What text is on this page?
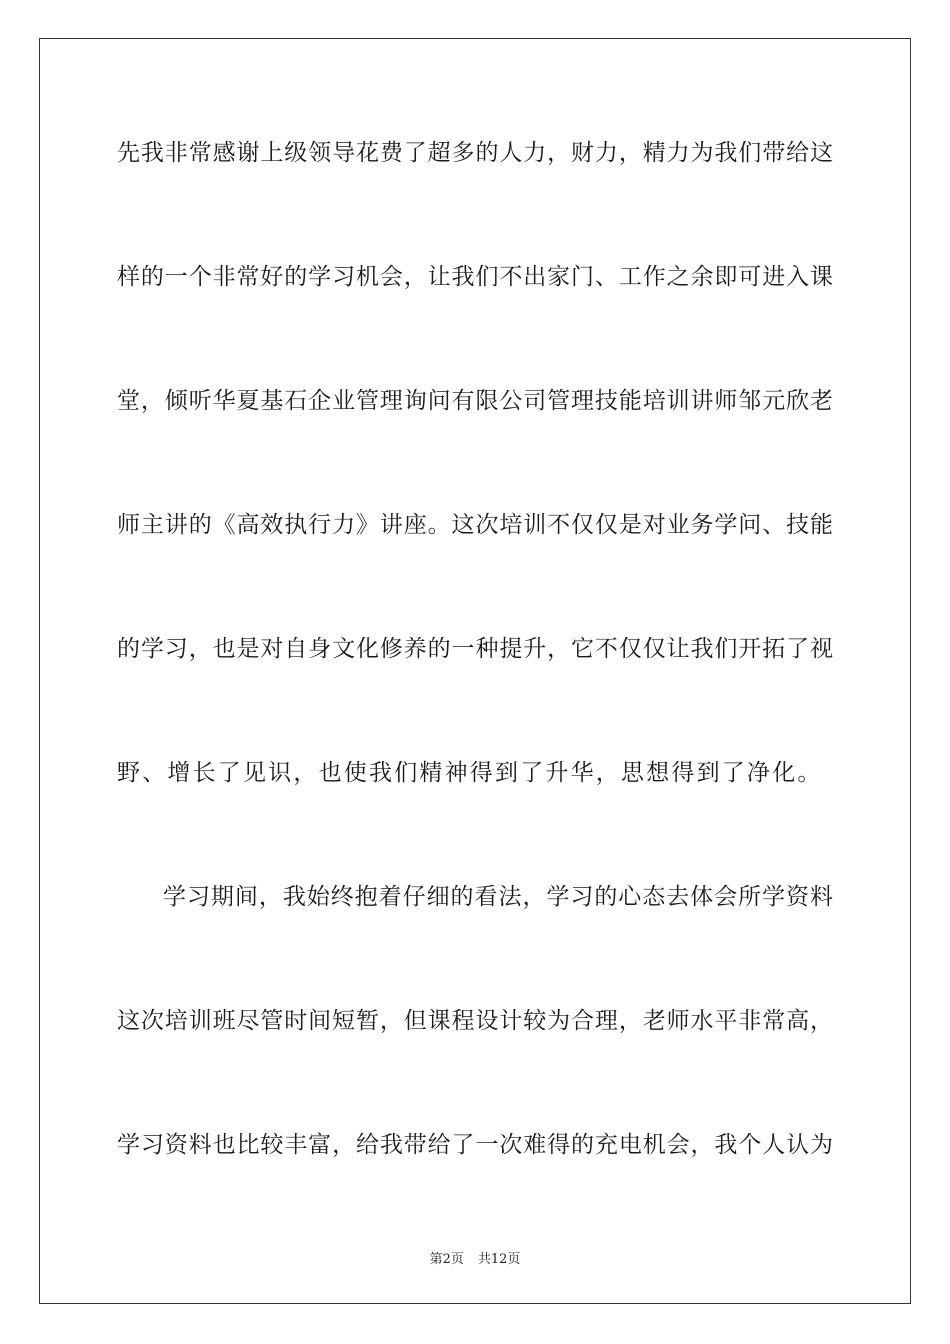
先我非常感谢上级领导花费了超多的人力，财力，精力为我们带给这
样的一个非常好的学习机会，让我们不出家门、工作之余即可进入课
堂，倾听华夏基石企业管理询问有限公司管理技能培训讲师邹元欣老
师主讲的《高效执行力》讲座。这次培训不仅仅是对业务学问、技能
的学习，也是对自身文化修养的一种提升，它不仅仅让我们开拓了视
野、增长了见识，也使我们精神得到了升华，思想得到了净化。
学习期间，我始终抱着仔细的看法，学习的心态去体会所学资料
这次培训班尽管时间短暂，但课程设计较为合理，老师水平非常高，
学习资料也比较丰富，给我带给了一次难得的充电机会，我个人认为
第2页 共12页
